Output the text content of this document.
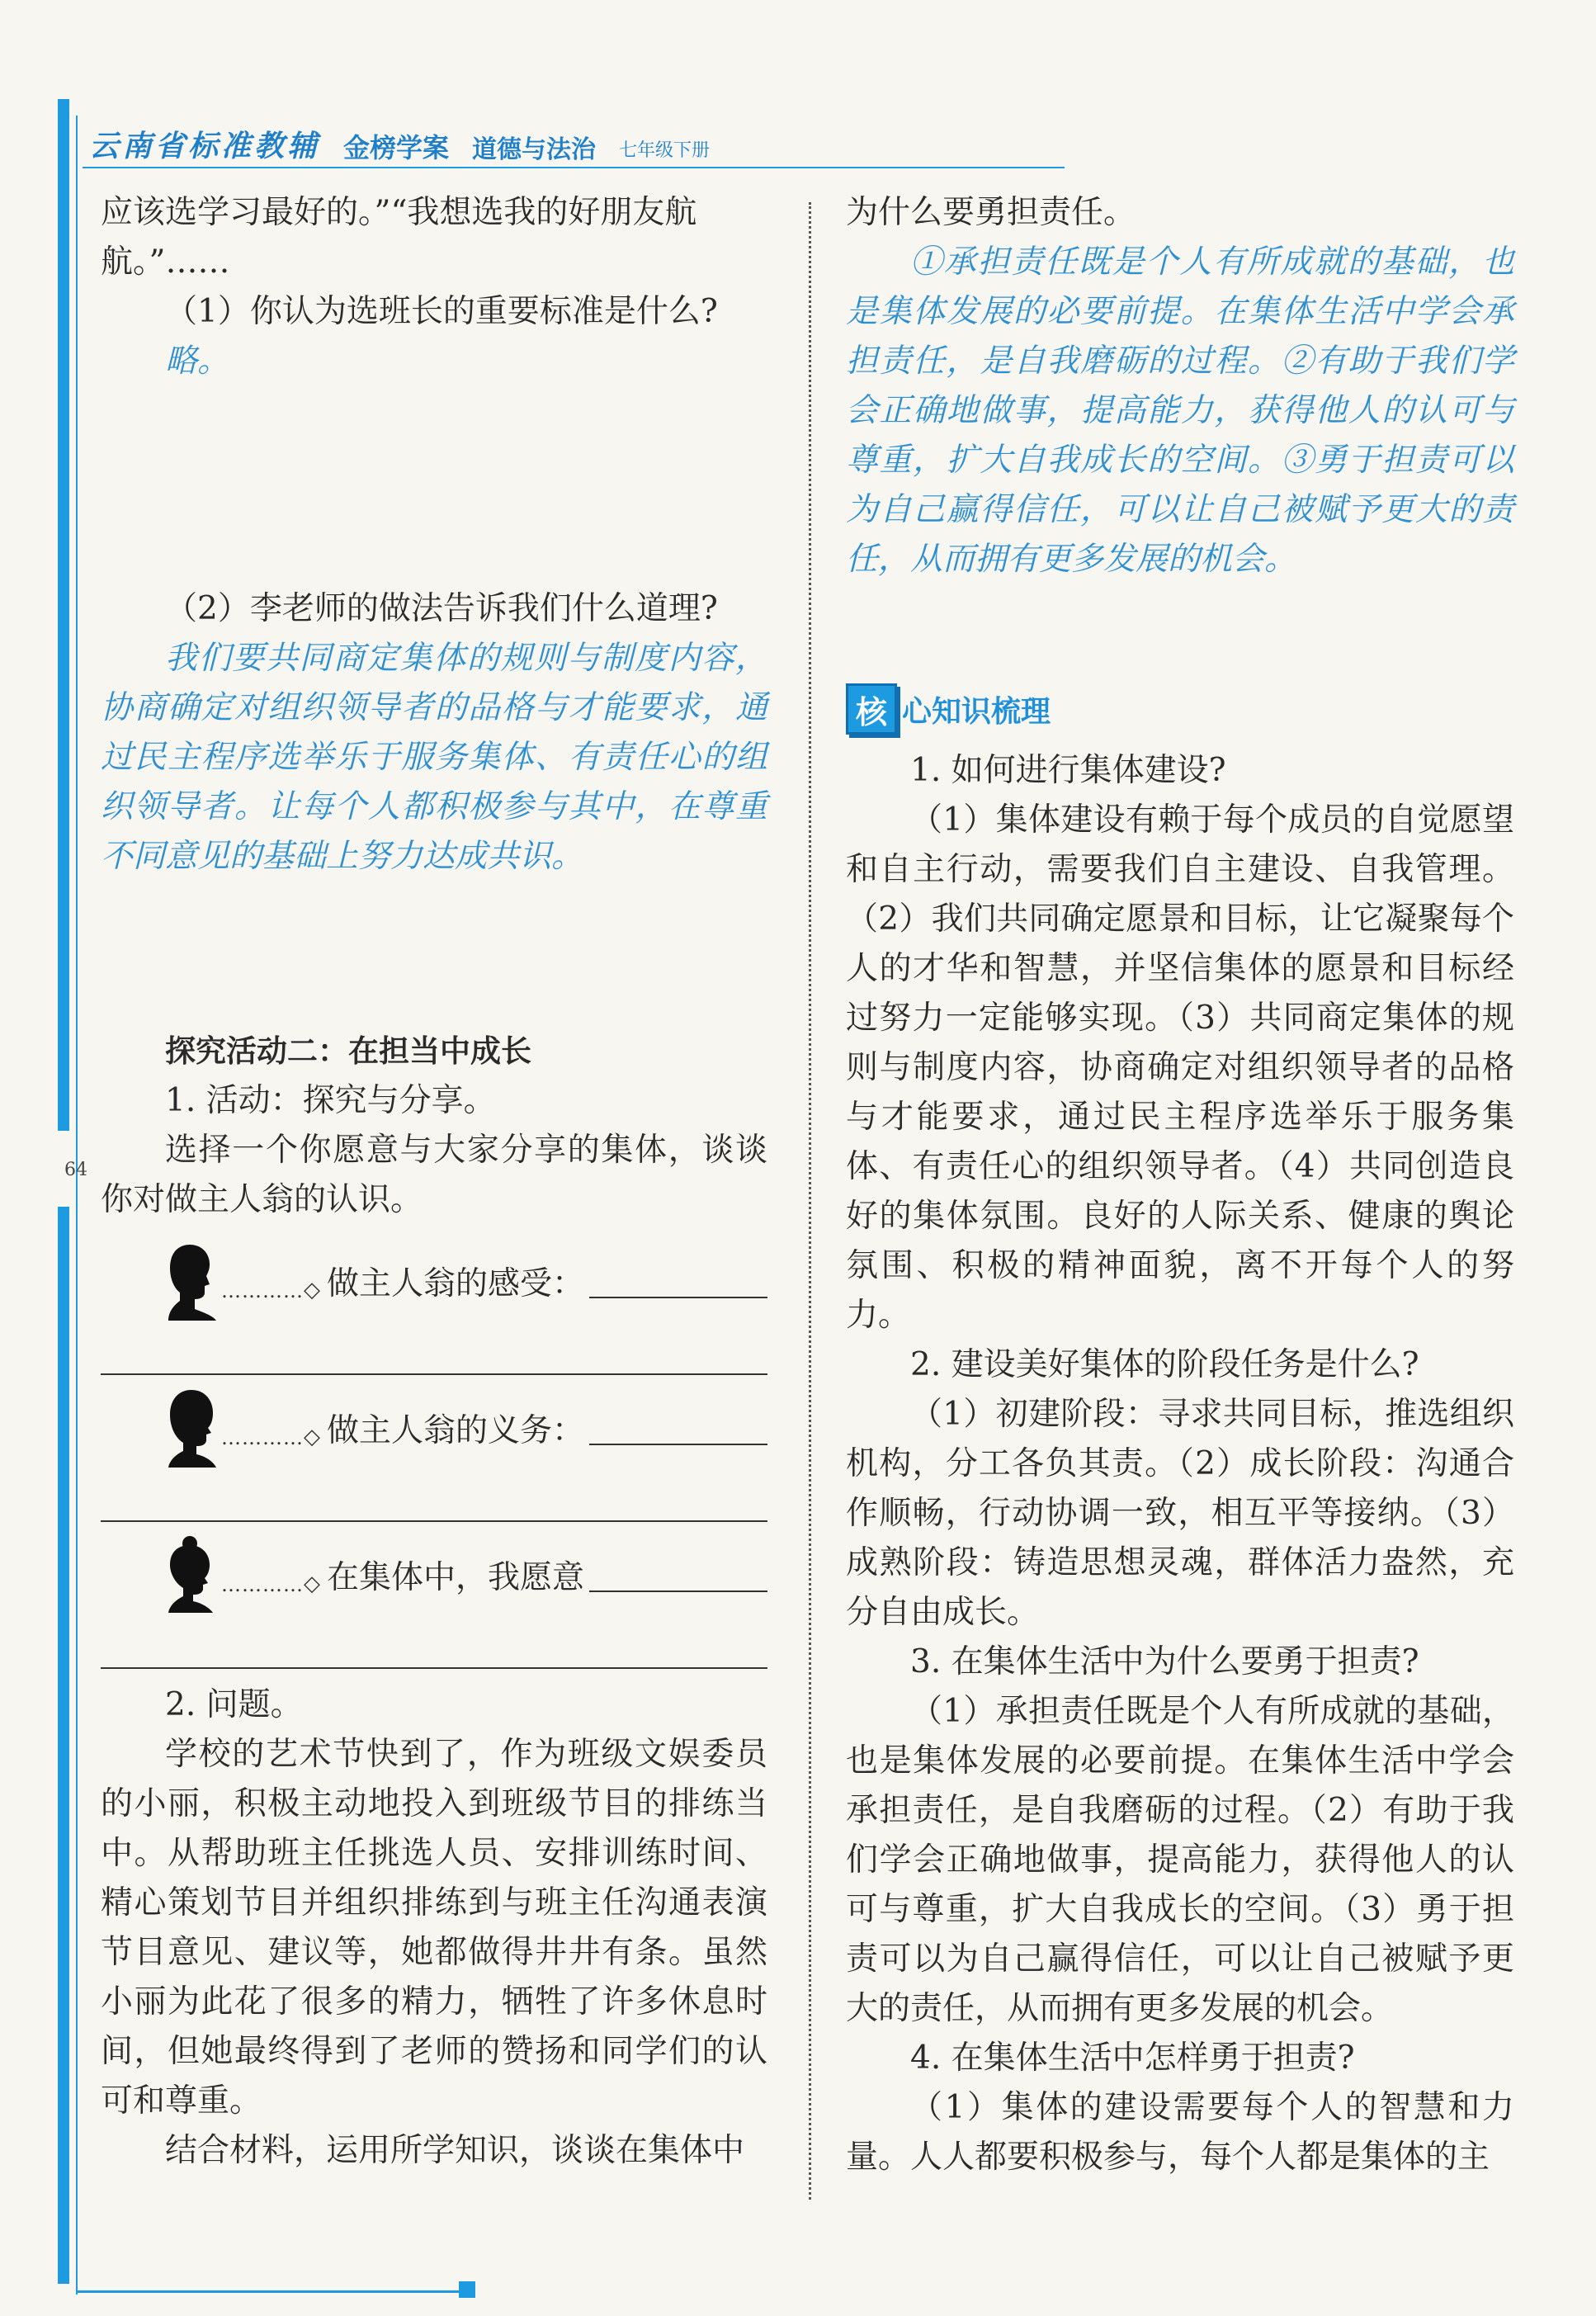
64
云南省标准教辅 金榜学案 道德与法治 七年级下册

应该选学习最好的。”“我想选我的好朋友航

航。”……

（1）你认为选班长的重要标准是什么?

略。

（2）李老师的做法告诉我们什么道理?

我们要共同商定集体的规则与制度内容，协商确定对组织领导者的品格与才能要求，通过民主程序选举乐于服务集体、有责任心的组织领导者。让每个人都积极参与其中，在尊重不同意见的基础上努力达成共识。

探究活动二：在担当中成长

1. 活动：探究与分享。

选择一个你愿意与大家分享的集体，谈谈你对做主人翁的认识。

………… ◇ 做主人翁的感受：
………… ◇ 做主人翁的义务：
………… ◇ 在集体中，我愿意

2. 问题。

学校的艺术节快到了，作为班级文娱委员的小丽，积极主动地投入到班级节目的排练当中。从帮助班主任挑选人员、安排训练时间、精心策划节目并组织排练到与班主任沟通表演节目意见、建议等，她都做得井井有条。虽然小丽为此花了很多的精力，牺牲了许多休息时间，但她最终得到了老师的赞扬和同学们的认可和尊重。

结合材料，运用所学知识，谈谈在集体中

为什么要勇担责任。

①承担责任既是个人有所成就的基础，也是集体发展的必要前提。在集体生活中学会承担责任，是自我磨砺的过程。②有助于我们学会正确地做事，提高能力，获得他人的认可与尊重，扩大自我成长的空间。③勇于担责可以为自己赢得信任，可以让自己被赋予更大的责任，从而拥有更多发展的机会。

核 心知识梳理

1. 如何进行集体建设?

（1）集体建设有赖于每个成员的自觉愿望和自主行动，需要我们自主建设、自我管理。（2）我们共同确定愿景和目标，让它凝聚每个人的才华和智慧，并坚信集体的愿景和目标经过努力一定能够实现。（3）共同商定集体的规则与制度内容，协商确定对组织领导者的品格与才能要求，通过民主程序选举乐于服务集体、有责任心的组织领导者。（4）共同创造良好的集体氛围。良好的人际关系、健康的舆论氛围、积极的精神面貌，离不开每个人的努力。

2. 建设美好集体的阶段任务是什么?

（1）初建阶段：寻求共同目标，推选组织机构，分工各负其责。（2）成长阶段：沟通合作顺畅，行动协调一致，相互平等接纳。（3）成熟阶段：铸造思想灵魂，群体活力盎然，充分自由成长。

3. 在集体生活中为什么要勇于担责?

（1）承担责任既是个人有所成就的基础，也是集体发展的必要前提。在集体生活中学会承担责任，是自我磨砺的过程。（2）有助于我们学会正确地做事，提高能力，获得他人的认可与尊重，扩大自我成长的空间。（3）勇于担责可以为自己赢得信任，可以让自己被赋予更大的责任，从而拥有更多发展的机会。

4. 在集体生活中怎样勇于担责?

（1）集体的建设需要每个人的智慧和力量。人人都要积极参与，每个人都是集体的主
